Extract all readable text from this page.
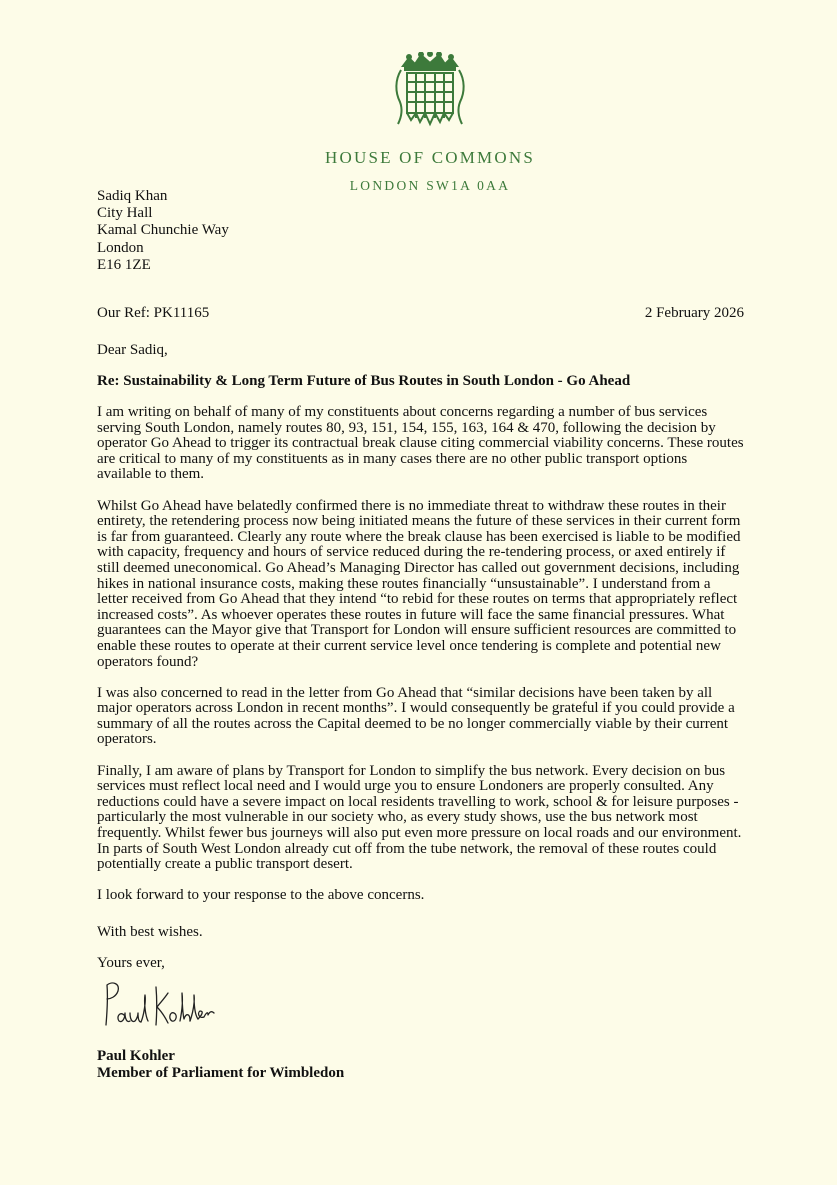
HOUSE OF COMMONS
LONDON SW1A 0AA
Sadiq Khan
City Hall
Kamal Chunchie Way
London
E16 1ZE
Our Ref: PK11165	2 February 2026
Dear Sadiq,
Re: Sustainability & Long Term Future of Bus Routes in South London - Go Ahead

I am writing on behalf of many of my constituents about concerns regarding a number of bus services serving South London, namely routes 80, 93, 151, 154, 155, 163, 164 & 470, following the decision by operator Go Ahead to trigger its contractual break clause citing commercial viability concerns. These routes are critical to many of my constituents as in many cases there are no other public transport options available to them.

Whilst Go Ahead have belatedly confirmed there is no immediate threat to withdraw these routes in their entirety, the retendering process now being initiated means the future of these services in their current form is far from guaranteed. Clearly any route where the break clause has been exercised is liable to be modified with capacity, frequency and hours of service reduced during the re-tendering process, or axed entirely if still deemed uneconomical. Go Ahead’s Managing Director has called out government decisions, including hikes in national insurance costs, making these routes financially “unsustainable”. I understand from a letter received from Go Ahead that they intend “to rebid for these routes on terms that appropriately reflect increased costs”. As whoever operates these routes in future will face the same financial pressures. What guarantees can the Mayor give that Transport for London will ensure sufficient resources are committed to enable these routes to operate at their current service level once tendering is complete and potential new operators found?

I was also concerned to read in the letter from Go Ahead that “similar decisions have been taken by all major operators across London in recent months”. I would consequently be grateful if you could provide a summary of all the routes across the Capital deemed to be no longer commercially viable by their current operators.

Finally, I am aware of plans by Transport for London to simplify the bus network. Every decision on bus services must reflect local need and I would urge you to ensure Londoners are properly consulted. Any reductions could have a severe impact on local residents travelling to work, school & for leisure purposes - particularly the most vulnerable in our society who, as every study shows, use the bus network most frequently. Whilst fewer bus journeys will also put even more pressure on local roads and our environment. In parts of South West London already cut off from the tube network, the removal of these routes could potentially create a public transport desert.

I look forward to your response to the above concerns.

With best wishes.
Yours ever,
Paul Kohler
Member of Parliament for Wimbledon
